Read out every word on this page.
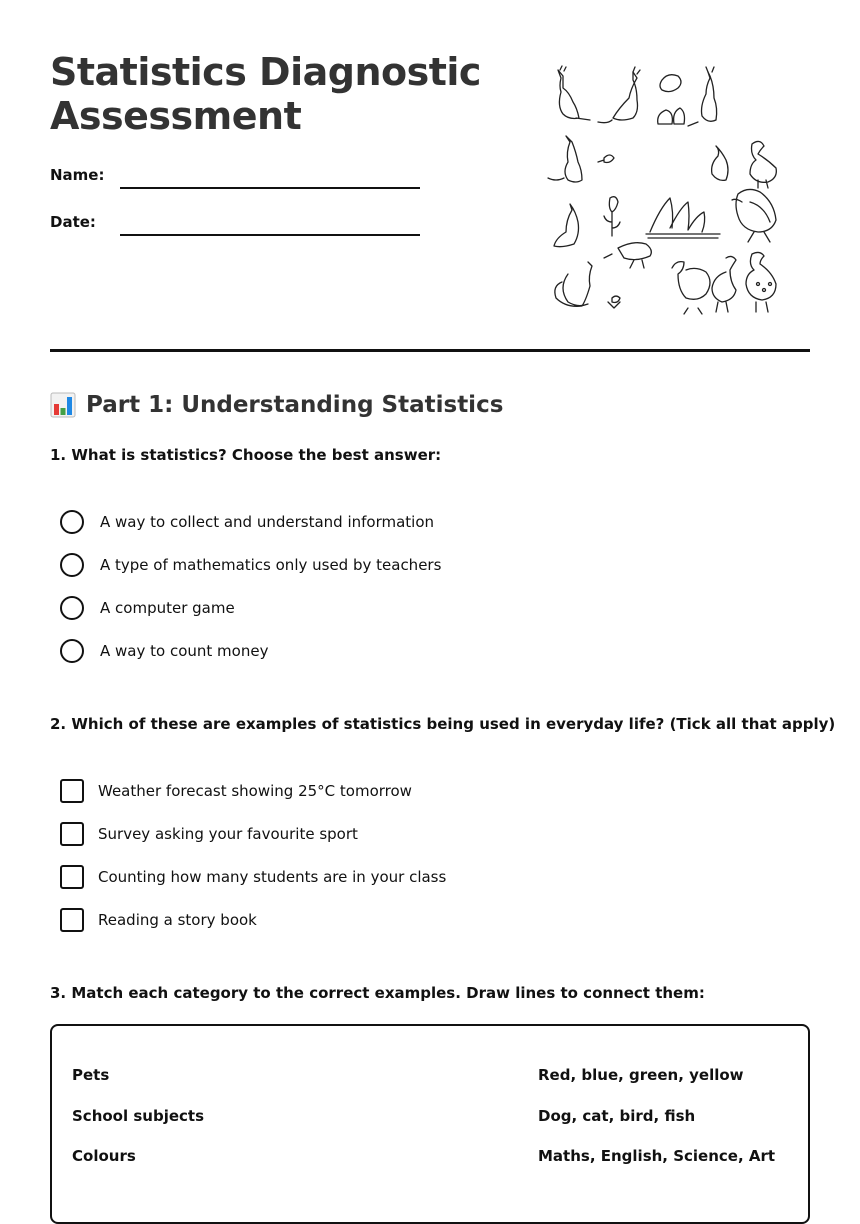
Statistics Diagnostic Assessment
Name:
Date:
Part 1: Understanding Statistics
1. What is statistics? Choose the best answer:
A way to collect and understand information
A type of mathematics only used by teachers
A computer game
A way to count money
2. Which of these are examples of statistics being used in everyday life? (Tick all that apply)
Weather forecast showing 25°C tomorrow
Survey asking your favourite sport
Counting how many students are in your class
Reading a story book
3. Match each category to the correct examples. Draw lines to connect them:
Pets
School subjects
Colours
Red, blue, green, yellow
Dog, cat, bird, fish
Maths, English, Science, Art
